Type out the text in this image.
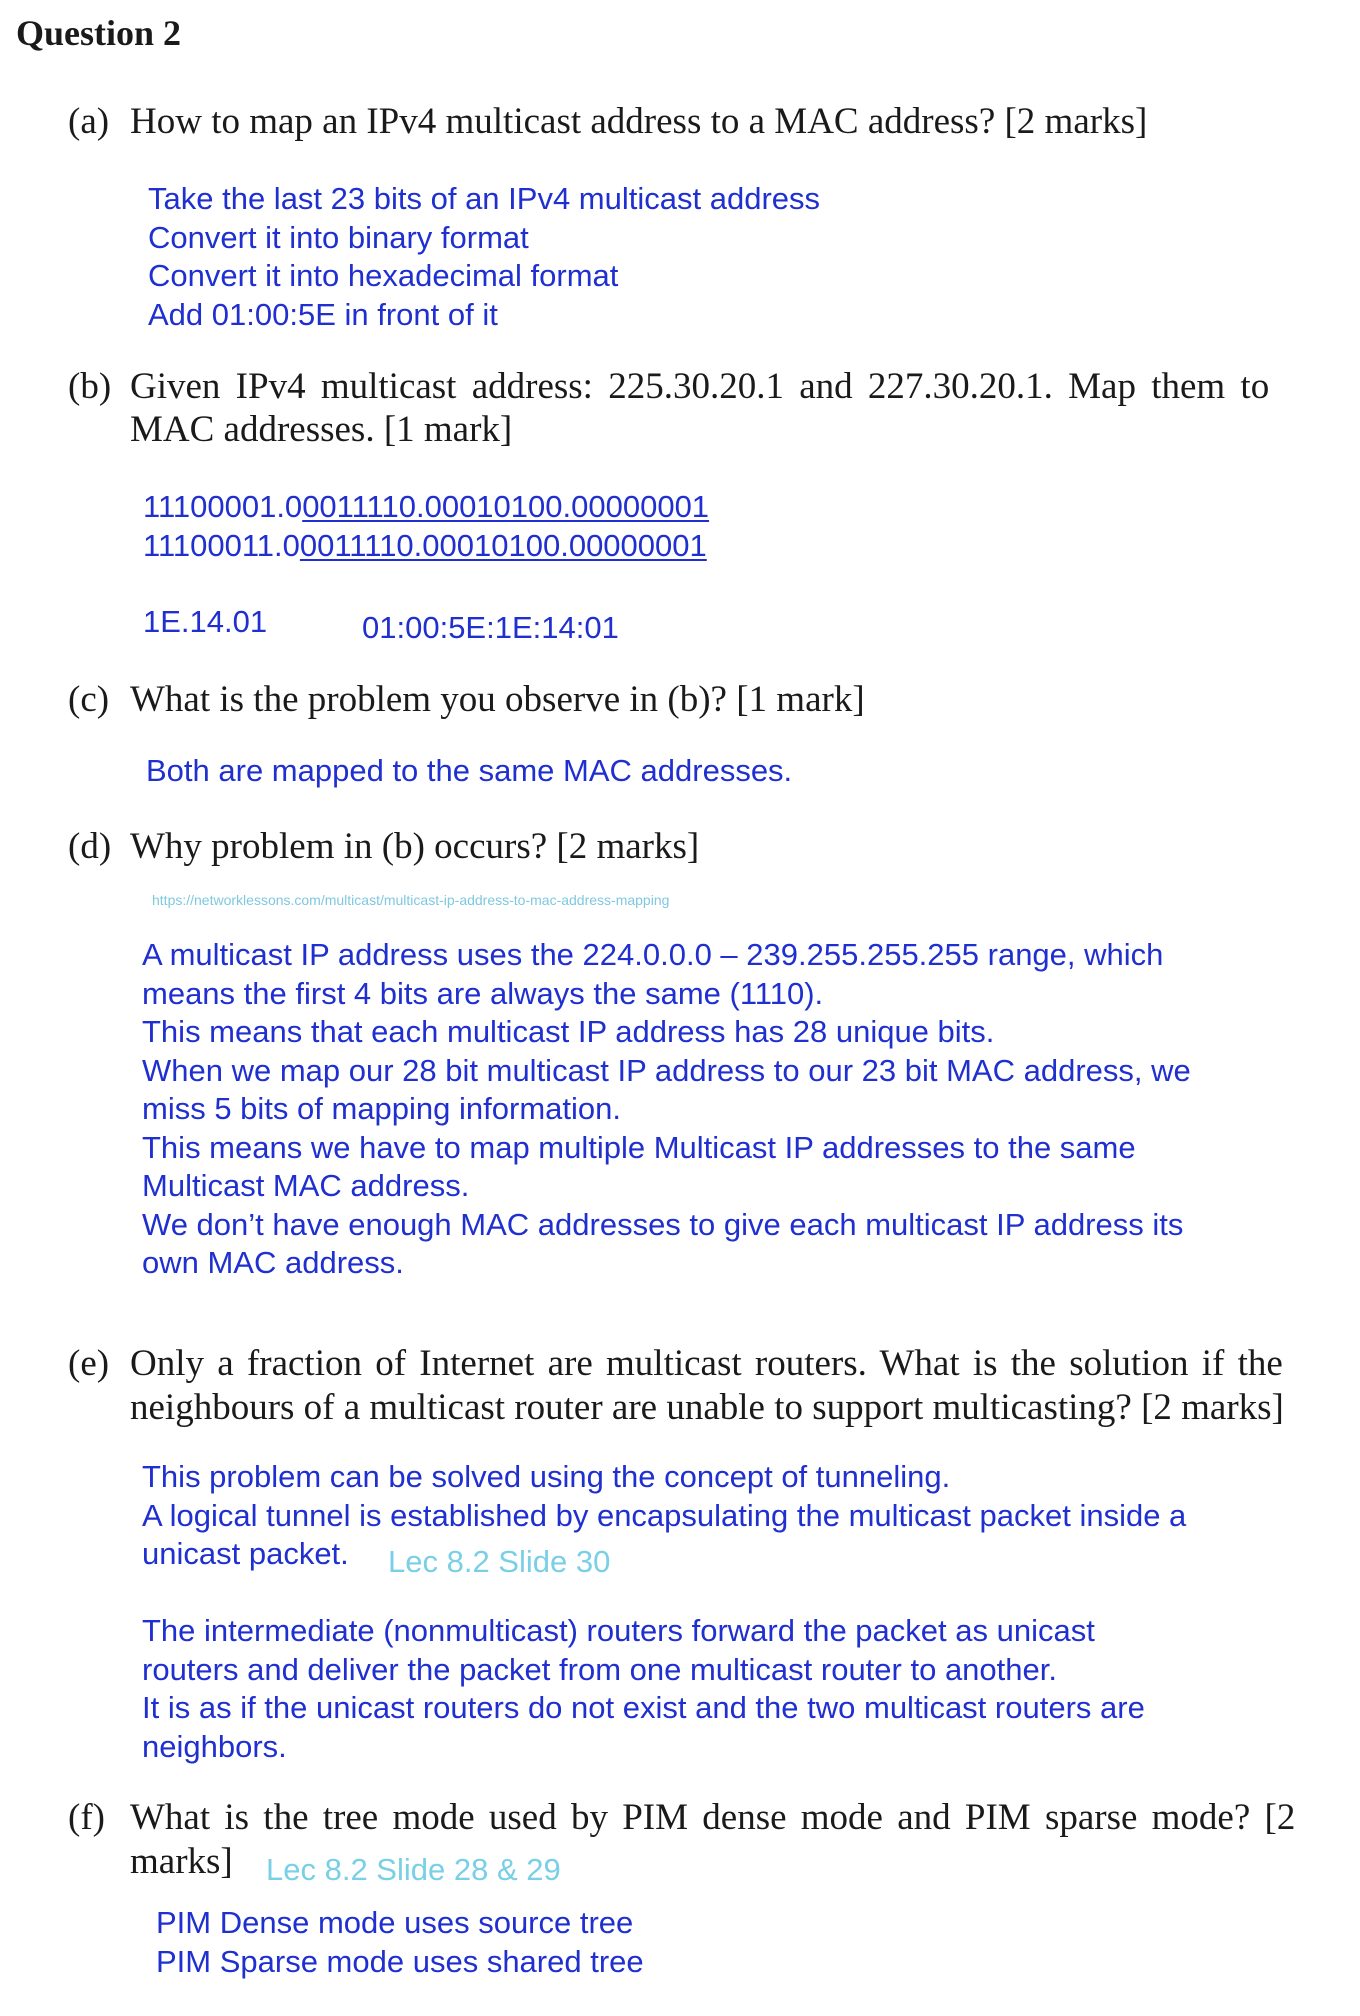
Question 2
(a) How to map an IPv4 multicast address to a MAC address? [2 marks]
Take the last 23 bits of an IPv4 multicast address
Convert it into binary format
Convert it into hexadecimal format
Add 01:00:5E in front of it
(b) Given IPv4 multicast address: 225.30.20.1 and 227.30.20.1. Map them to
MAC addresses. [1 mark]
11100001.00011110.00010100.00000001
11100011.00011110.00010100.00000001
1E.14.01	01:00:5E:1E:14:01
(c) What is the problem you observe in (b)? [1 mark]
Both are mapped to the same MAC addresses.
(d) Why problem in (b) occurs? [2 marks]
https://networklessons.com/multicast/multicast-ip-address-to-mac-address-mapping
A multicast IP address uses the 224.0.0.0 – 239.255.255.255 range, which
means the first 4 bits are always the same (1110).
This means that each multicast IP address has 28 unique bits.
When we map our 28 bit multicast IP address to our 23 bit MAC address, we
miss 5 bits of mapping information.
This means we have to map multiple Multicast IP addresses to the same
Multicast MAC address.
We don’t have enough MAC addresses to give each multicast IP address its
own MAC address.
(e) Only a fraction of Internet are multicast routers. What is the solution if the
neighbours of a multicast router are unable to support multicasting? [2 marks]
This problem can be solved using the concept of tunneling.
A logical tunnel is established by encapsulating the multicast packet inside a
unicast packet.	Lec 8.2 Slide 30
The intermediate (nonmulticast) routers forward the packet as unicast
routers and deliver the packet from one multicast router to another.
It is as if the unicast routers do not exist and the two multicast routers are
neighbors.
(f) What is the tree mode used by PIM dense mode and PIM sparse mode? [2
marks] Lec 8.2 Slide 28 & 29
PIM Dense mode uses source tree
PIM Sparse mode uses shared tree
